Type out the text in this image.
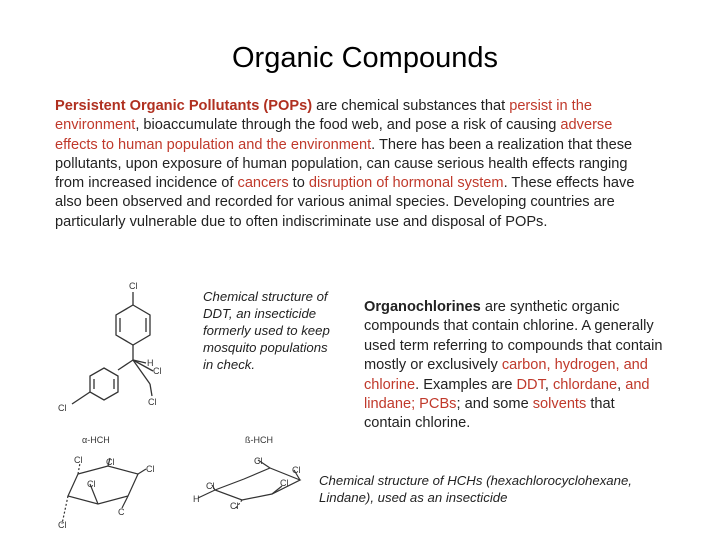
Organic Compounds
Persistent Organic Pollutants (POPs) are chemical substances that persist in the environment, bioaccumulate through the food web, and pose a risk of causing adverse effects to human population and the environment. There has been a realization that these pollutants, upon exposure of human population, can cause serious health effects ranging from increased incidence of cancers to disruption of hormonal system. These effects have also been observed and recorded for various animal species. Developing countries are particularly vulnerable due to often indiscriminate use and disposal of POPs.
Cl
H
Cl
Cl
Cl
α-HCH
Cl	Cl
Cl
Cl
C
Cl
ß-HCH
Cl
Cl
Cl	Cl
H
Cl
Chemical structure of DDT, an insecticide formerly used to keep mosquito populations in check.
Organochlorines are synthetic organic compounds that contain chlorine. A generally used term referring to compounds that contain mostly or exclusively carbon, hydrogen, and chlorine. Examples are DDT, chlordane, and lindane; PCBs; and some solvents that contain chlorine.
Chemical structure of HCHs (hexachlorocyclohexane, Lindane), used as an insecticide
